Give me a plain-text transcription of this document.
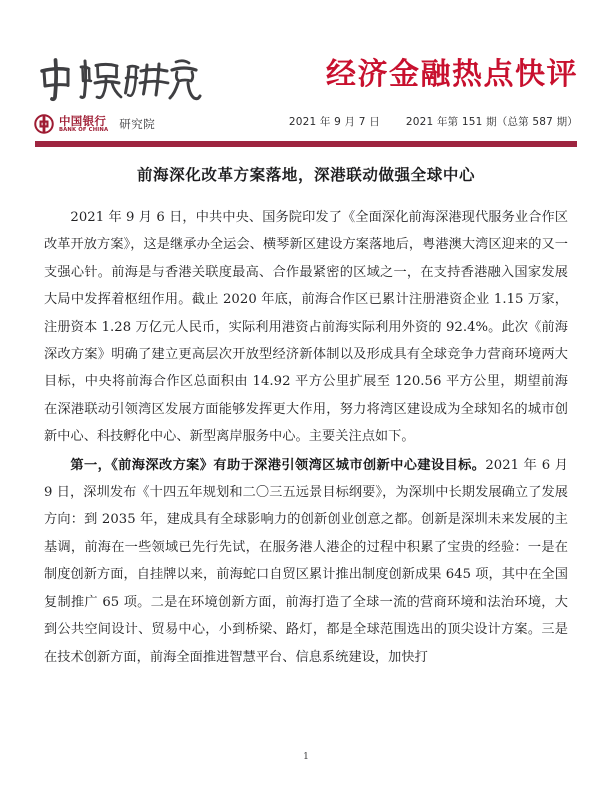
经济金融热点快评
中国银行
BANK OF CHINA 研究院	2021 年 9 月 7 日 2021 年第 151 期（总第 587 期）
前海深化改革方案落地，深港联动做强全球中心

2021 年 9 月 6 日，中共中央、国务院印发了《全面深化前海深港现代服务业合作区改革开放方案》，这是继承办全运会、横琴新区建设方案落地后，粤港澳大湾区迎来的又一支强心针。前海是与香港关联度最高、合作最紧密的区域之一，在支持香港融入国家发展大局中发挥着枢纽作用。截止 2020 年底，前海合作区已累计注册港资企业 1.15 万家，注册资本 1.28 万亿元人民币，实际利用港资占前海实际利用外资的 92.4%。此次《前海深改方案》明确了建立更高层次开放型经济新体制以及形成具有全球竞争力营商环境两大目标，中央将前海合作区总面积由 14.92 平方公里扩展至 120.56 平方公里，期望前海在深港联动引领湾区发展方面能够发挥更大作用，努力将湾区建设成为全球知名的城市创新中心、科技孵化中心、新型离岸服务中心。主要关注点如下。

第一，《前海深改方案》有助于深港引领湾区城市创新中心建设目标。2021 年 6 月 9 日，深圳发布《十四五年规划和二〇三五远景目标纲要》，为深圳中长期发展确立了发展方向：到 2035 年，建成具有全球影响力的创新创业创意之都。创新是深圳未来发展的主基调，前海在一些领域已先行先试，在服务港人港企的过程中积累了宝贵的经验：一是在制度创新方面，自挂牌以来，前海蛇口自贸区累计推出制度创新成果 645 项，其中在全国复制推广 65 项。二是在环境创新方面，前海打造了全球一流的营商环境和法治环境，大到公共空间设计、贸易中心，小到桥梁、路灯，都是全球范围选出的顶尖设计方案。三是在技术创新方面，前海全面推进智慧平台、信息系统建设，加快打

1
